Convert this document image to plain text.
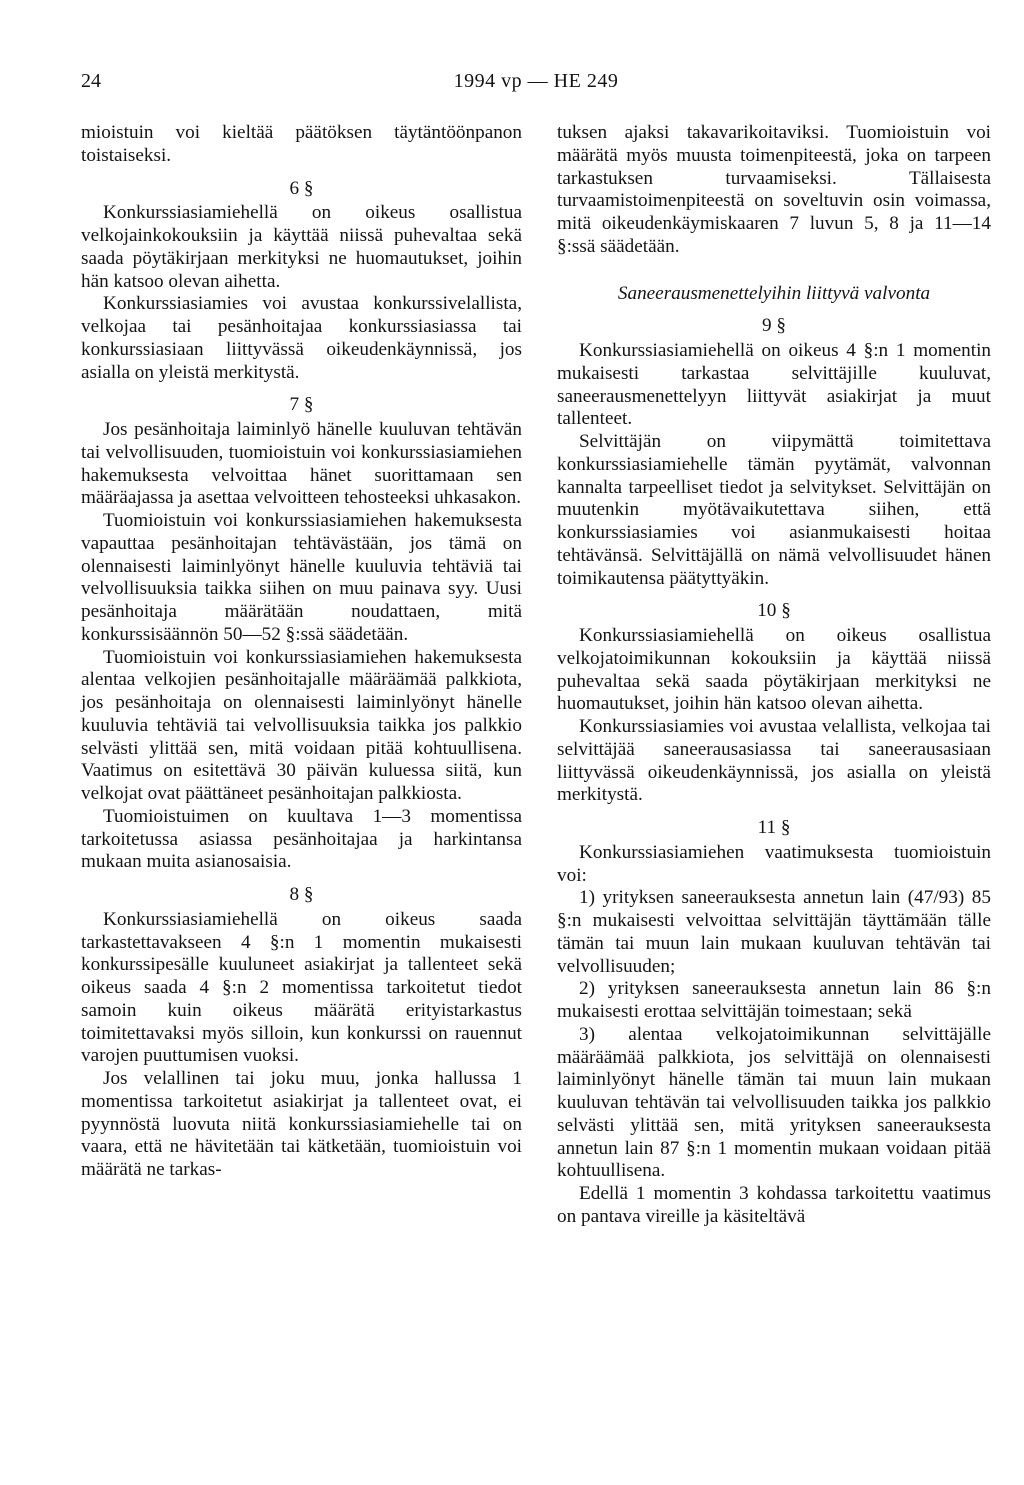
24	1994 vp — HE 249

mioistuin voi kieltää päätöksen täytäntöönpanon toistaiseksi.

6 §

Konkurssiasiamiehellä on oikeus osallistua velkojainkokouksiin ja käyttää niissä puhevaltaa sekä saada pöytäkirjaan merkityksi ne huomautukset, joihin hän katsoo olevan aihetta.

Konkurssiasiamies voi avustaa konkurssivelallista, velkojaa tai pesänhoitajaa konkurssiasiassa tai konkurssiasiaan liittyvässä oikeudenkäynnissä, jos asialla on yleistä merkitystä.

7 §

Jos pesänhoitaja laiminlyö hänelle kuuluvan tehtävän tai velvollisuuden, tuomioistuin voi konkurssiasiamiehen hakemuksesta velvoittaa hänet suorittamaan sen määräajassa ja asettaa velvoitteen tehosteeksi uhkasakon.

Tuomioistuin voi konkurssiasiamiehen hakemuksesta vapauttaa pesänhoitajan tehtävästään, jos tämä on olennaisesti laiminlyönyt hänelle kuuluvia tehtäviä tai velvollisuuksia taikka siihen on muu painava syy. Uusi pesänhoitaja määrätään noudattaen, mitä konkurssisäännön 50—52 §:ssä säädetään.

Tuomioistuin voi konkurssiasiamiehen hakemuksesta alentaa velkojien pesänhoitajalle määräämää palkkiota, jos pesänhoitaja on olennaisesti laiminlyönyt hänelle kuuluvia tehtäviä tai velvollisuuksia taikka jos palkkio selvästi ylittää sen, mitä voidaan pitää kohtuullisena. Vaatimus on esitettävä 30 päivän kuluessa siitä, kun velkojat ovat päättäneet pesänhoitajan palkkiosta.

Tuomioistuimen on kuultava 1—3 momentissa tarkoitetussa asiassa pesänhoitajaa ja harkintansa mukaan muita asianosaisia.

8 §

Konkurssiasiamiehellä on oikeus saada tarkastettavakseen 4 §:n 1 momentin mukaisesti konkurssipesälle kuuluneet asiakirjat ja tallenteet sekä oikeus saada 4 §:n 2 momentissa tarkoitetut tiedot samoin kuin oikeus määrätä erityistarkastus toimitettavaksi myös silloin, kun konkurssi on rauennut varojen puuttumisen vuoksi.

Jos velallinen tai joku muu, jonka hallussa 1 momentissa tarkoitetut asiakirjat ja tallenteet ovat, ei pyynnöstä luovuta niitä konkurssiasiamiehelle tai on vaara, että ne hävitetään tai kätketään, tuomioistuin voi määrätä ne tarkas-

tuksen ajaksi takavarikoitaviksi. Tuomioistuin voi määrätä myös muusta toimenpiteestä, joka on tarpeen tarkastuksen turvaamiseksi. Tällaisesta turvaamistoimenpiteestä on soveltuvin osin voimassa, mitä oikeudenkäymiskaaren 7 luvun 5, 8 ja 11—14 §:ssä säädetään.

Saneerausmenettelyihin liittyvä valvonta
9 §

Konkurssiasiamiehellä on oikeus 4 §:n 1 momentin mukaisesti tarkastaa selvittäjille kuuluvat, saneerausmenettelyyn liittyvät asiakirjat ja muut tallenteet.

Selvittäjän on viipymättä toimitettava konkurssiasiamiehelle tämän pyytämät, valvonnan kannalta tarpeelliset tiedot ja selvitykset. Selvittäjän on muutenkin myötävaikutettava siihen, että konkurssiasiamies voi asianmukaisesti hoitaa tehtävänsä. Selvittäjällä on nämä velvollisuudet hänen toimikautensa päätyttyäkin.

10 §

Konkurssiasiamiehellä on oikeus osallistua velkojatoimikunnan kokouksiin ja käyttää niissä puhevaltaa sekä saada pöytäkirjaan merkityksi ne huomautukset, joihin hän katsoo olevan aihetta.

Konkurssiasiamies voi avustaa velallista, velkojaa tai selvittäjää saneerausasiassa tai saneerausasiaan liittyvässä oikeudenkäynnissä, jos asialla on yleistä merkitystä.

11 §

Konkurssiasiamiehen vaatimuksesta tuomioistuin voi:

1) yrityksen saneerauksesta annetun lain (47/93) 85 §:n mukaisesti velvoittaa selvittäjän täyttämään tälle tämän tai muun lain mukaan kuuluvan tehtävän tai velvollisuuden;

2) yrityksen saneerauksesta annetun lain 86 §:n mukaisesti erottaa selvittäjän toimestaan; sekä

3) alentaa velkojatoimikunnan selvittäjälle määräämää palkkiota, jos selvittäjä on olennaisesti laiminlyönyt hänelle tämän tai muun lain mukaan kuuluvan tehtävän tai velvollisuuden taikka jos palkkio selvästi ylittää sen, mitä yrityksen saneerauksesta annetun lain 87 §:n 1 momentin mukaan voidaan pitää kohtuullisena.

Edellä 1 momentin 3 kohdassa tarkoitettu vaatimus on pantava vireille ja käsiteltävä
